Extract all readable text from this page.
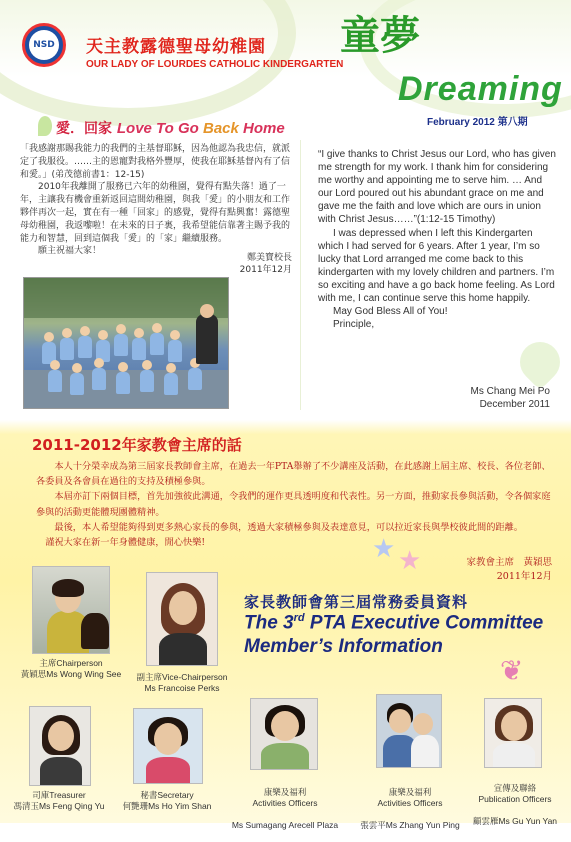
NSD 天主教露德聖母幼稚園
OUR LADY OF LOURDES CATHOLIC KINDERGARTEN
童夢
Dreaming
February 2012 第八期
愛．回家 Love To Go Back Home

「我感謝那賜我能力的我們的主基督耶穌，因為他認為我忠信，就派定了我服役。……主的恩寵對我格外豐厚，使我在耶穌基督內有了信和愛。」(弟茂德前書1：12-15)

2010年我離開了服務已六年的幼稚園，覺得有點失落！過了一年，主讓我有機會重新返回這間幼稚園，與我「愛」的小朋友和工作夥伴再次一起，實在有一種「回家」的感覺，覺得有點興奮！露德聖母幼稚園，我返嚟啦！在未來的日子裏，我希望能信靠著主賜予我的能力和智慧，回到這個我「愛」的「家」繼續服務。

願主祝福大家！

鄭美寶校長
2011年12月

“I give thanks to Christ Jesus our Lord, who has given me strength for my work. I thank him for considering me worthy and appointing me to serve him. … And our Lord poured out his abundant grace on me and gave me the faith and love which are ours in union with Christ Jesus……”(1:12-15 Timothy)

I was depressed when I left this Kindergarten which I had served for 6 years. After 1 year, I’m so lucky that Lord arranged me come back to this kindergarten with my lovely children and partners. I’m so exciting and have a go back home feeling. As Lord with me, I can continue serve this home happily.

May God Bless All of You!

Principle,

Ms Chang Mei Po
December 2011
2011-2012年家教會主席的話

本人十分榮幸成為第三屆家長教師會主席，在過去一年PTA舉辦了不少講座及活動，在此感謝上屆主席、校長、各位老師、各委員及各會員在過往的支持及積極參與。

本屆亦訂下兩個目標，首先加強彼此溝通，令我們的運作更具透明度和代表性。另一方面，推動家長參與活動，令各個家庭參與的活動更能體現團體精神。

最後，本人希望能夠得到更多熱心家長的參與，透過大家積極參與及表達意見，可以拉近家長與學校彼此間的距離。

謹祝大家在新一年身體健康，閒心快樂!	★ ★	家教會主席　黃穎思
2011年12月
家長教師會第三屆常務委員資料
The 3rd PTA Executive Committee
Member’s Information
❦
主席Chairperson
黃穎思Ms Wong Wing See	副主席Vice-Chairperson
Ms Francoise Perks
司庫Treasurer
馮清玉Ms Feng Qing Yu
秘書Secretary
何艷珊Ms Ho Yim Shan

康樂及福利
Activities Officers

Ms Sumagang Arecell Plaza

康樂及福利
Activities Officers

張雲平Ms Zhang Yun Ping

宣傳及聯絡
Publication Officers

顧雲雁Ms Gu Yun Yan
